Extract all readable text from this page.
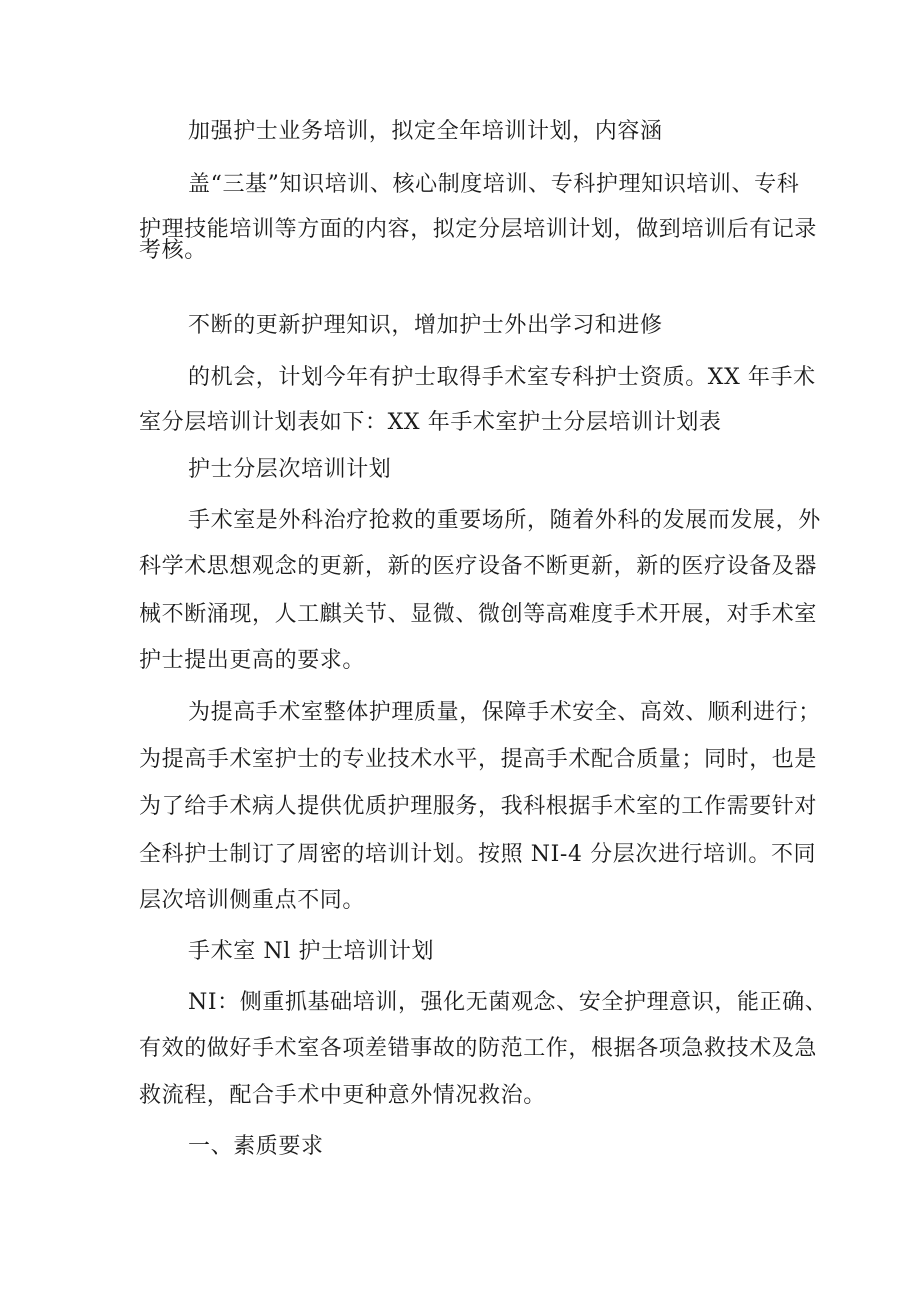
加强护士业务培训，拟定全年培训计划，内容涵
盖“三基”知识培训、核心制度培训、专科护理知识培训、专科
护理技能培训等方面的内容，拟定分层培训计划，做到培训后有记录
考核。
不断的更新护理知识，增加护士外出学习和进修
的机会，计划今年有护士取得手术室专科护士资质。XX 年手术
室分层培训计划表如下：XX 年手术室护士分层培训计划表
护士分层次培训计划
手术室是外科治疗抢救的重要场所，随着外科的发展而发展，外
科学术思想观念的更新，新的医疗设备不断更新，新的医疗设备及器
械不断涌现，人工麒关节、显微、微创等高难度手术开展，对手术室
护士提出更高的要求。
为提高手术室整体护理质量，保障手术安全、高效、顺利进行；
为提高手术室护士的专业技术水平，提高手术配合质量；同时，也是
为了给手术病人提供优质护理服务，我科根据手术室的工作需要针对
全科护士制订了周密的培训计划。按照 NI-4 分层次进行培训。不同
层次培训侧重点不同。
手术室 Nl 护士培训计划
NI：侧重抓基础培训，强化无菌观念、安全护理意识，能正确、
有效的做好手术室各项差错事故的防范工作，根据各项急救技术及急
救流程，配合手术中更种意外情况救治。
一、素质要求
